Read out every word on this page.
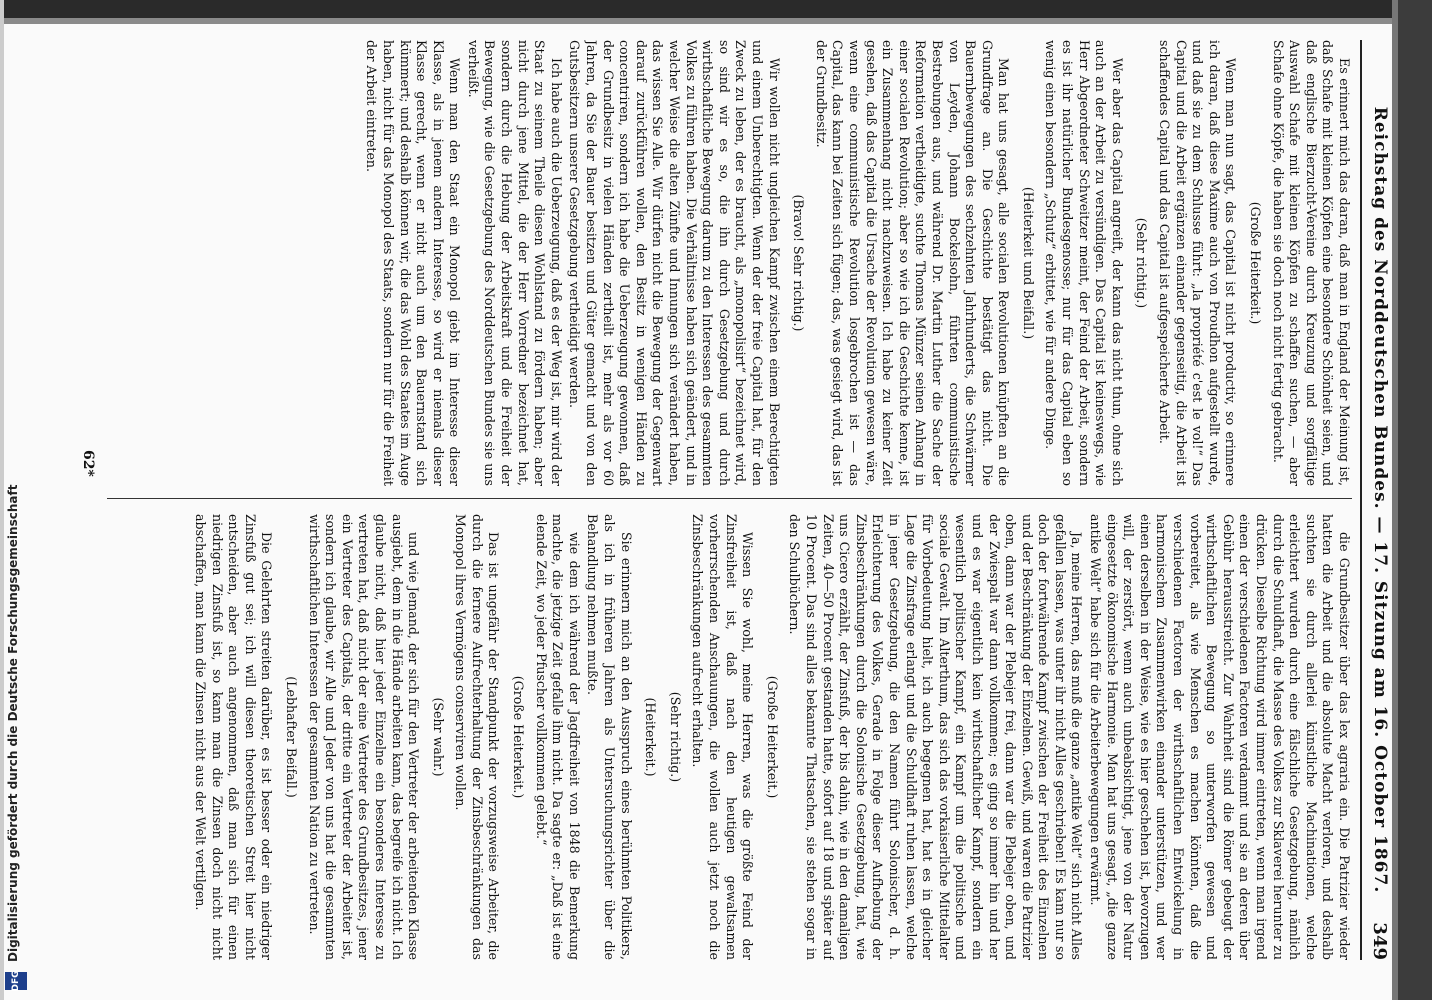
Reichstag des Norddeutschen Bundes. — 17. Sitzung am 16. October 1867.
349

Es erinnert mich das daran, daß man in England der Meinung ist, daß Schafe mit kleinen Köpfen eine besondere Schönheit seien, und daß englische Bierzucht-Vereine durch Kreuzung und sorgfältige Auswahl Schafe mit kleinen Köpfen zu schaffen suchen, — aber Schafe ohne Köpfe, die haben sie doch noch nicht fertig gebracht.

(Große Heiterkeit.)

Wenn man nun sagt, das Capital ist nicht productiv, so erinnere ich daran, daß diese Maxime auch von Proudhon aufgestellt wurde, und daß sie zu dem Schlusse führt: „la propriété c'est le vol!“ Das Capital und die Arbeit ergänzen einander gegenseitig, die Arbeit ist schaffendes Capital und das Capital ist aufgespeicherte Arbeit.

(Sehr richtig.)

Wer aber das Capital angreift, der kann das nicht thun, ohne sich auch an der Arbeit zu versündigen. Das Capital ist keineswegs, wie Herr Abgeordneter Schweitzer meint, der Feind der Arbeit, sondern es ist ihr natürlicher Bundesgenosse; nur für das Capital eben so wenig einen besondern „Schutz“ erbittet, wie für andere Dinge.

(Heiterkeit und Beifall.)

Man hat uns gesagt, alle socialen Revolutionen knüpften an die Grundfrage an. Die Geschichte bestätigt das nicht. Die Bauernbewegungen des sechzehnten Jahrhunderts, die Schwärmer von Leyden, Johann Bockelsohn, führten communistische Bestrebungen aus, und während Dr. Martin Luther die Sache der Reformation vertheidigte, suchte Thomas Münzer seinen Anhang in einer socialen Revolution; aber so wie ich die Geschichte kenne, ist ein Zusammenhang nicht nachzuweisen. Ich habe zu keiner Zeit gesehen, daß das Capital die Ursache der Revolution gewesen wäre, wenn eine communistische Revolution losgebrochen ist — das Capital, das kann bei Zeiten sich fügen; das, was gesiegt wird, das ist der Grundbesitz.

(Bravo! Sehr richtig.)

Wir wollen nicht ungleichen Kampf zwischen einem Berechtigten und einem Unberechtigten. Wenn der der freie Capital hat, für den Zweck zu leben, der es braucht, als „monopolisirt“ bezeichnet wird, so sind wir es so, die ihn durch Gesetzgebung und durch wirthschaftliche Bewegung darum zu den Interessen des gesammten Volkes zu führen haben. Die Verhältnisse haben sich geändert, und in welcher Weise die alten Zünfte und Innungen sich verändert haben, das wissen Sie Alle. Wir dürfen nicht die Bewegung der Gegenwart darauf zurückführen wollen, den Besitz in wenigen Händen zu concentriren, sondern ich habe die Ueberzeugung gewonnen, daß der Grundbesitz in vielen Händen zertheilt ist, mehr als vor 60 Jahren, da Sie der Bauer besitzen und Güter gemacht und von den Gutsbesitzern unserer Gesetzgebung vertheidigt werden.

Ich habe auch die Ueberzeugung, daß es der Weg ist, mir wird der Staat zu seinem Theile diesen Wohlstand zu fördern haben; aber nicht durch jene Mittel, die der Herr Vorredner bezeichnet hat, sondern durch die Hebung der Arbeitskraft und die Freiheit der Bewegung, wie die Gesetzgebung des Norddeutschen Bundes sie uns verheißt.

Wenn man den Staat ein Monopol giebt im Interesse dieser Klasse, als in jenem andern Interesse, so wird er niemals dieser Klasse gerecht, wenn er nicht auch um den Bauernstand sich kümmert; und deshalb können wir, die das Wohl des Staates im Auge haben, nicht für das Monopol des Staats, sondern nur für die Freiheit der Arbeit eintreten.

die Grundbesitzer über das lex agraria ein. Die Patrizier wieder hatten die Arbeit und die absolute Macht verloren, und deshalb suchten sie durch allerlei künstliche Machinationen, welche erleichtert wurden durch eine fälschliche Gesetzgebung, nämlich durch die Schuldhaft, die Masse des Volkes zur Sklaverei herunter zu drücken. Dieselbe Richtung wird immer eintreten, wenn man irgend einen der verschiedenen Factoren verdammt und sie an deren über Gebühr herausstreicht. Zur Wahrheit sind die Römer gebeugt der wirthschaftlichen Bewegung so unterworfen gewesen und vorbereitet, als wie Menschen es machen könnten, daß die verschiedenen Factoren der wirthschaftlichen Entwickelung in harmonischem Zusammenwirken einander unterstützen, und wer einen derselben in der Weise, wie es hier geschehen ist, bevorzugen will, der zerstört, wenn auch unbeabsichtigt, jene von der Natur eingesetzte ökonomische Harmonie. Man hat uns gesagt, „die ganze antike Welt“ habe sich für die Arbeiterbewegungen erwärmt.

Ja, meine Herren, das muß die ganze „antike Welt“ sich nicht Alles gefallen lassen, was unter ihr nicht Alles geschrieben! Es kam nur so doch der fortwährende Kampf zwischen der Freiheit des Einzelnen und der Beschränkung der Einzelnen. Gewiß, und waren die Patrizier oben, dann war der Plebejer frei, dann war die Plebejer oben, und der Zwiespalt war dann vollkommen; es ging so immer hin und her und es war eigentlich kein wirthschaftlicher Kampf, sondern ein wesentlich politischer Kampf, ein Kampf um die politische und sociale Gewalt. Im Alterthum, das sich das vorkaiserliche Mittelalter für Vorbedeutung hielt, ich auch begegnen hat, hat es in gleicher Lage die Zinsfrage erlangt und die Schuldhaft ruhen lassen, welche in jener Gesetzgebung, die den Namen führt Solonischer, d. h. Erleichterung des Volkes, Gerade in Folge dieser Aufhebung der Zinsbeschränkungen durch die Solonische Gesetzgebung, hat, wie uns Cicero erzählt, der Zinsfuß, der bis dahin, wie in den damaligen Zeiten, 40—50 Procent gestanden hatte, sofort auf 18 und später auf 10 Procent. Das sind alles bekannte Thatsachen, sie stehen sogar in den Schulbüchern.

(Große Heiterkeit.)

Wissen Sie wohl, meine Herren, was die größte Feind der Zinsfreiheit ist, daß nach den heutigen gewaltsamen vorherrschenden Anschauungen, die wollen auch jetzt noch die Zinsbeschränkungen aufrecht erhalten.

(Sehr richtig.)

(Heiterkeit.)

Sie erinnern mich an den Ausspruch eines berühmten Politikers, als ich in früheren Jahren als Untersuchungsrichter über die Behandlung nehmen mußte.

wie dem ich während der Jagdfreiheit von 1848 die Bemerkung machte, die jetzige Zeit gefalle ihm nicht. Da sagte er: „Daß ist eine elende Zeit, wo jeder Pfuscher vollkommen gelebt.“

(Große Heiterkeit.)

Das ist ungefähr der Standpunkt der vorzugsweise Arbeiter, die durch die fernere Aufrechterhaltung der Zinsbeschränkungen das Monopol ihres Vermögens conserviren wollen.

(Sehr wahr.)

und wie Jemand, der sich für den Vertreter der arbeitenden Klasse ausgiebt, dem in die Hände arbeiten kann, das begreife ich nicht. Ich glaube nicht, daß hier jeder Einzelne ein besonderes Interesse zu vertreten hat, daß nicht der eine Vertreter des Grundbesitzes, jener ein Vertreter des Capitals, der dritte ein Vertreter der Arbeiter ist, sondern ich glaube, wir Alle und Jeder von uns hat die gesammten wirthschaftlichen Interessen der gesammten Nation zu vertreten.

(Lebhafter Beifall.)

Die Gelehrten streiten darüber, es ist besser oder ein niedriger Zinsfuß gut sei; ich will diesen theoretischen Streit hier nicht entscheiden, aber auch angenommen, daß man sich für einen niedrigen Zinsfuß ist, so kann man die Zinsen doch nicht nicht abschaffen, man kann die Zinsen nicht aus der Welt vertilgen.

62*
Digitalisierung gefördert durch die Deutsche Forschungsgemeinschaft
DFG
